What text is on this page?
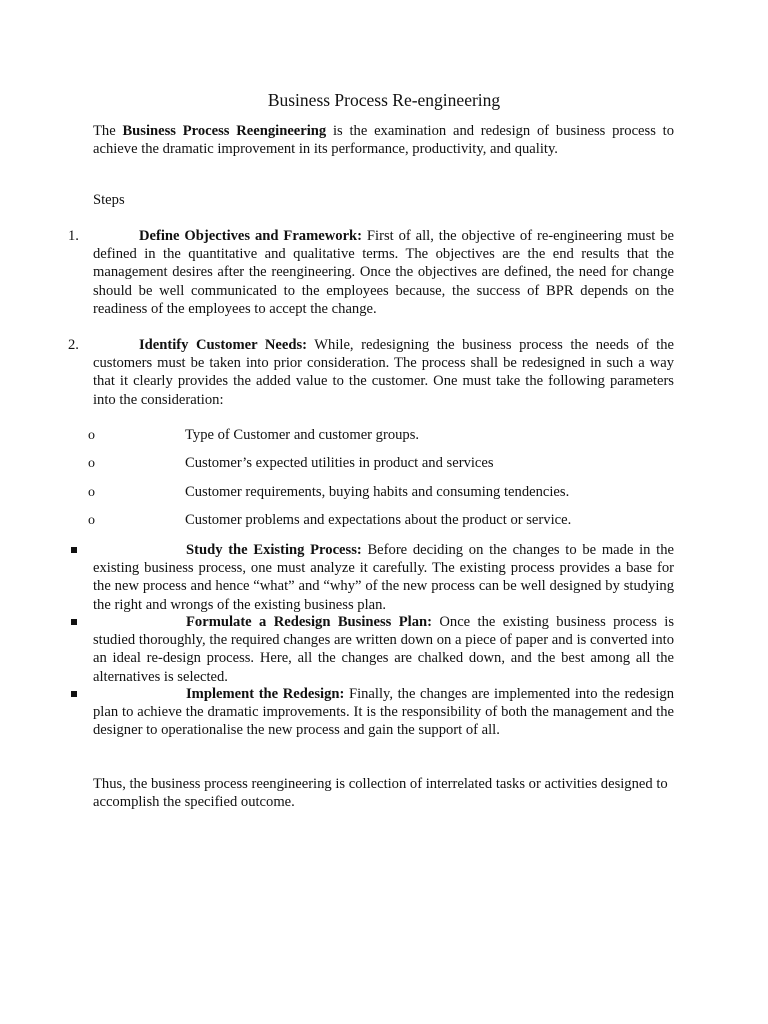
Business Process Re-engineering

The Business Process Reengineering is the examination and redesign of business process to achieve the dramatic improvement in its performance, productivity, and quality.

Steps

1.	Define Objectives and Framework: First of all, the objective of re-engineering must be defined in the quantitative and qualitative terms. The objectives are the end results that the management desires after the reengineering. Once the objectives are defined, the need for change should be well communicated to the employees because, the success of BPR depends on the readiness of the employees to accept the change.

2.	Identify Customer Needs: While, redesigning the business process the needs of the customers must be taken into prior consideration. The process shall be redesigned in such a way that it clearly provides the added value to the customer. One must take the following parameters into the consideration:

o	Type of Customer and customer groups.

o	Customer’s expected utilities in product and services

o	Customer requirements, buying habits and consuming tendencies.

o	Customer problems and expectations about the product or service.

Study the Existing Process: Before deciding on the changes to be made in the existing business process, one must analyze it carefully. The existing process provides a base for the new process and hence “what” and “why” of the new process can be well designed by studying the right and wrongs of the existing business plan.

Formulate a Redesign Business Plan: Once the existing business process is studied thoroughly, the required changes are written down on a piece of paper and is converted into an ideal re-design process. Here, all the changes are chalked down, and the best among all the alternatives is selected.

Implement the Redesign: Finally, the changes are implemented into the redesign plan to achieve the dramatic improvements. It is the responsibility of both the management and the designer to operationalise the new process and gain the support of all.

Thus, the business process reengineering is collection of interrelated tasks or activities designed to accomplish the specified outcome.
